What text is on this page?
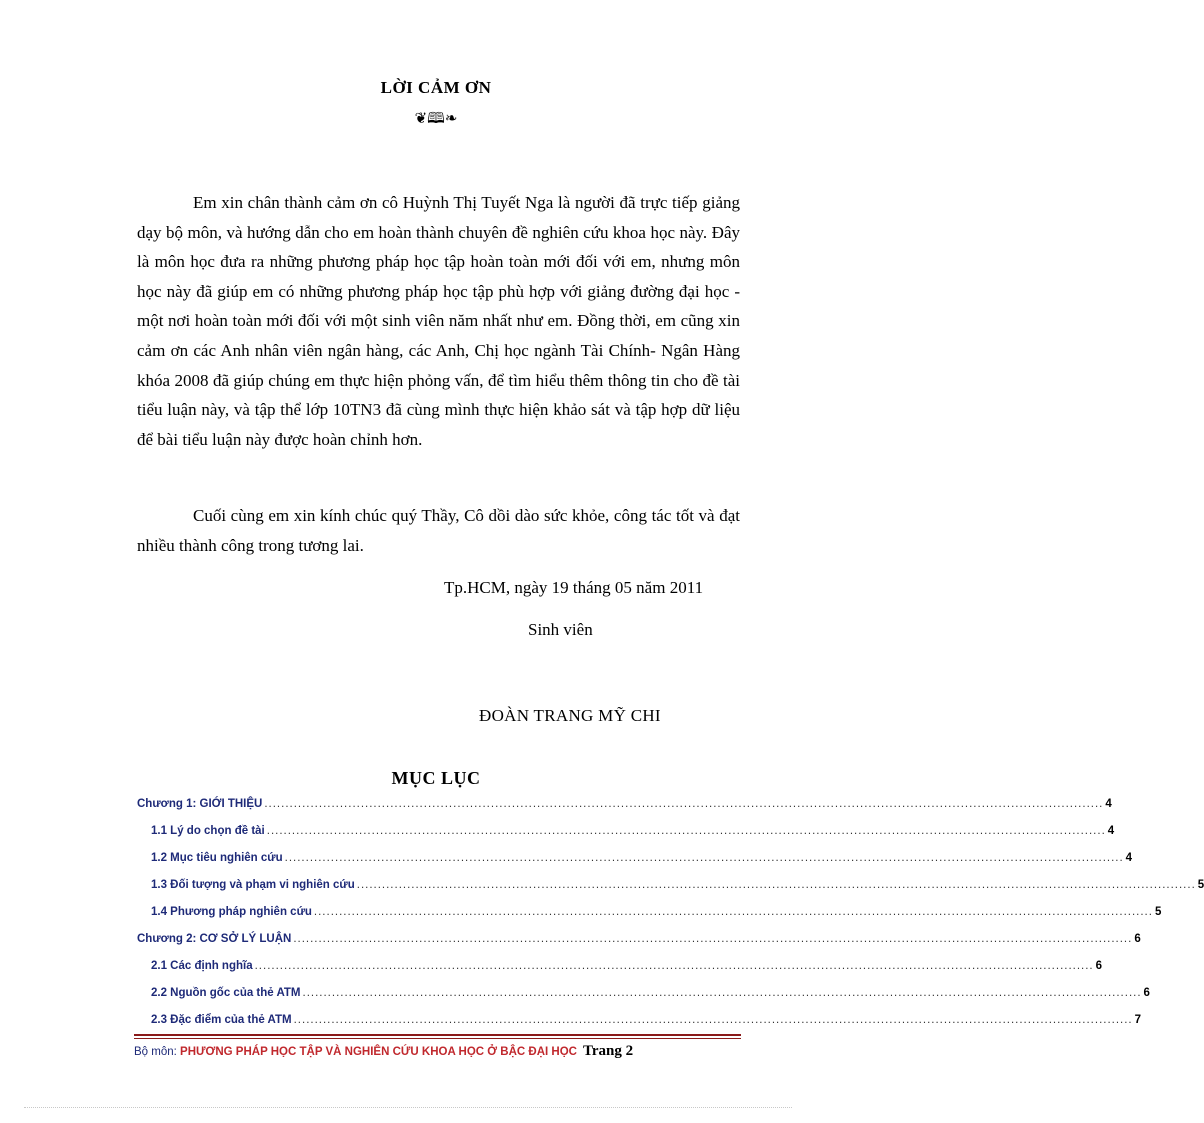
LỜI CẢM ƠN
❦🕮❧

Em xin chân thành cảm ơn cô Huỳnh Thị Tuyết Nga là người đã trực tiếp giảng dạy bộ môn, và hướng dẫn cho em hoàn thành chuyên đề nghiên cứu khoa học này. Đây là môn học đưa ra những phương pháp học tập hoàn toàn mới đối với em, nhưng môn học này đã giúp em có những phương pháp học tập phù hợp với giảng đường đại học - một nơi hoàn toàn mới đối với một sinh viên năm nhất như em. Đồng thời, em cũng xin cảm ơn các Anh nhân viên ngân hàng, các Anh, Chị học ngành Tài Chính- Ngân Hàng khóa 2008 đã giúp chúng em thực hiện phỏng vấn, để tìm hiểu thêm thông tin cho đề tài tiểu luận này, và tập thể lớp 10TN3 đã cùng mình thực hiện khảo sát và tập hợp dữ liệu để bài tiểu luận này được hoàn chỉnh hơn.

Cuối cùng em xin kính chúc quý Thầy, Cô dồi dào sức khỏe, công tác tốt và đạt nhiều thành công trong tương lai.

Tp.HCM, ngày 19 tháng 05 năm 2011
Sinh viên
ĐOÀN TRANG MỸ CHI
MỤC LỤC
Chương 1: GIỚI THIỆU ........................................................................................................................................................................................................ 4
1.1 Lý do chọn đề tài ........................................................................................................................................................................................................ 4
1.2 Mục tiêu nghiên cứu ........................................................................................................................................................................................................ 4
1.3 Đối tượng và phạm vi nghiên cứu ........................................................................................................................................................................................................ 5
1.4 Phương pháp nghiên cứu ........................................................................................................................................................................................................ 5
Chương 2: CƠ SỞ LÝ LUẬN ........................................................................................................................................................................................................ 6
2.1 Các định nghĩa ........................................................................................................................................................................................................ 6
2.2 Nguồn gốc của thẻ ATM ........................................................................................................................................................................................................ 6
2.3 Đặc điểm của thẻ ATM ........................................................................................................................................................................................................ 7
Bộ môn: PHƯƠNG PHÁP HỌC TẬP VÀ NGHIÊN CỨU KHOA HỌC Ở BẬC ĐẠI HỌC Trang 2
